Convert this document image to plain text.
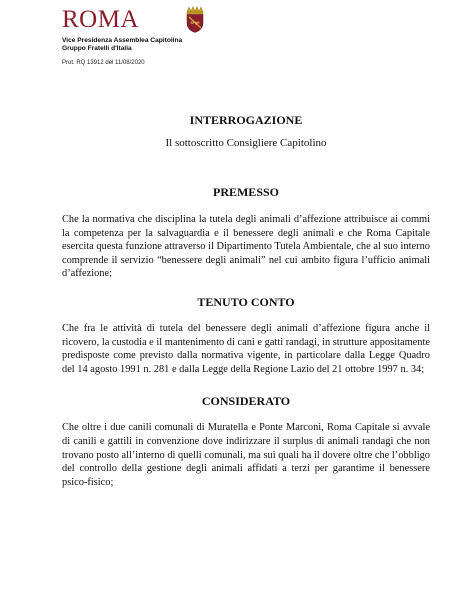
ROMA	SPQR
Vice Presidenza Assemblea Capitolina
Gruppo Fratelli d'Italia
Prot. RQ 13912 del 11/08/2020
INTERROGAZIONE
Il sottoscritto Consigliere Capitolino
PREMESSO

Che la normativa che disciplina la tutela degli animali d’affezione attribuisce ai commi la competenza per la salvaguardia e il benessere degli animali e che Roma Capitale esercita questa funzione attraverso il Dipartimento Tutela Ambientale, che al suo interno comprende il servizio “benessere degli animali” nel cui ambito figura l’ufficio animali d’affezione;

TENUTO CONTO

Che fra le attività di tutela del benessere degli animali d’affezione figura anche il ricovero, la custodia e il mantenimento di cani e gatti randagi, in strutture appositamente predisposte come previsto dalla normativa vigente, in particolare dalla Legge Quadro del 14 agosto 1991 n. 281 e dalla Legge della Regione Lazio del 21 ottobre 1997 n. 34;

CONSIDERATO

Che oltre i due canili comunali di Muratella e Ponte Marconi, Roma Capitale si avvale di canili e gattili in convenzione dove indirizzare il surplus di animali randagi che non trovano posto all’interno di quelli comunali, ma sui quali ha il dovere oltre che l’obbligo del controllo della gestione degli animali affidati a terzi per garantime il benessere psico-fisico;
